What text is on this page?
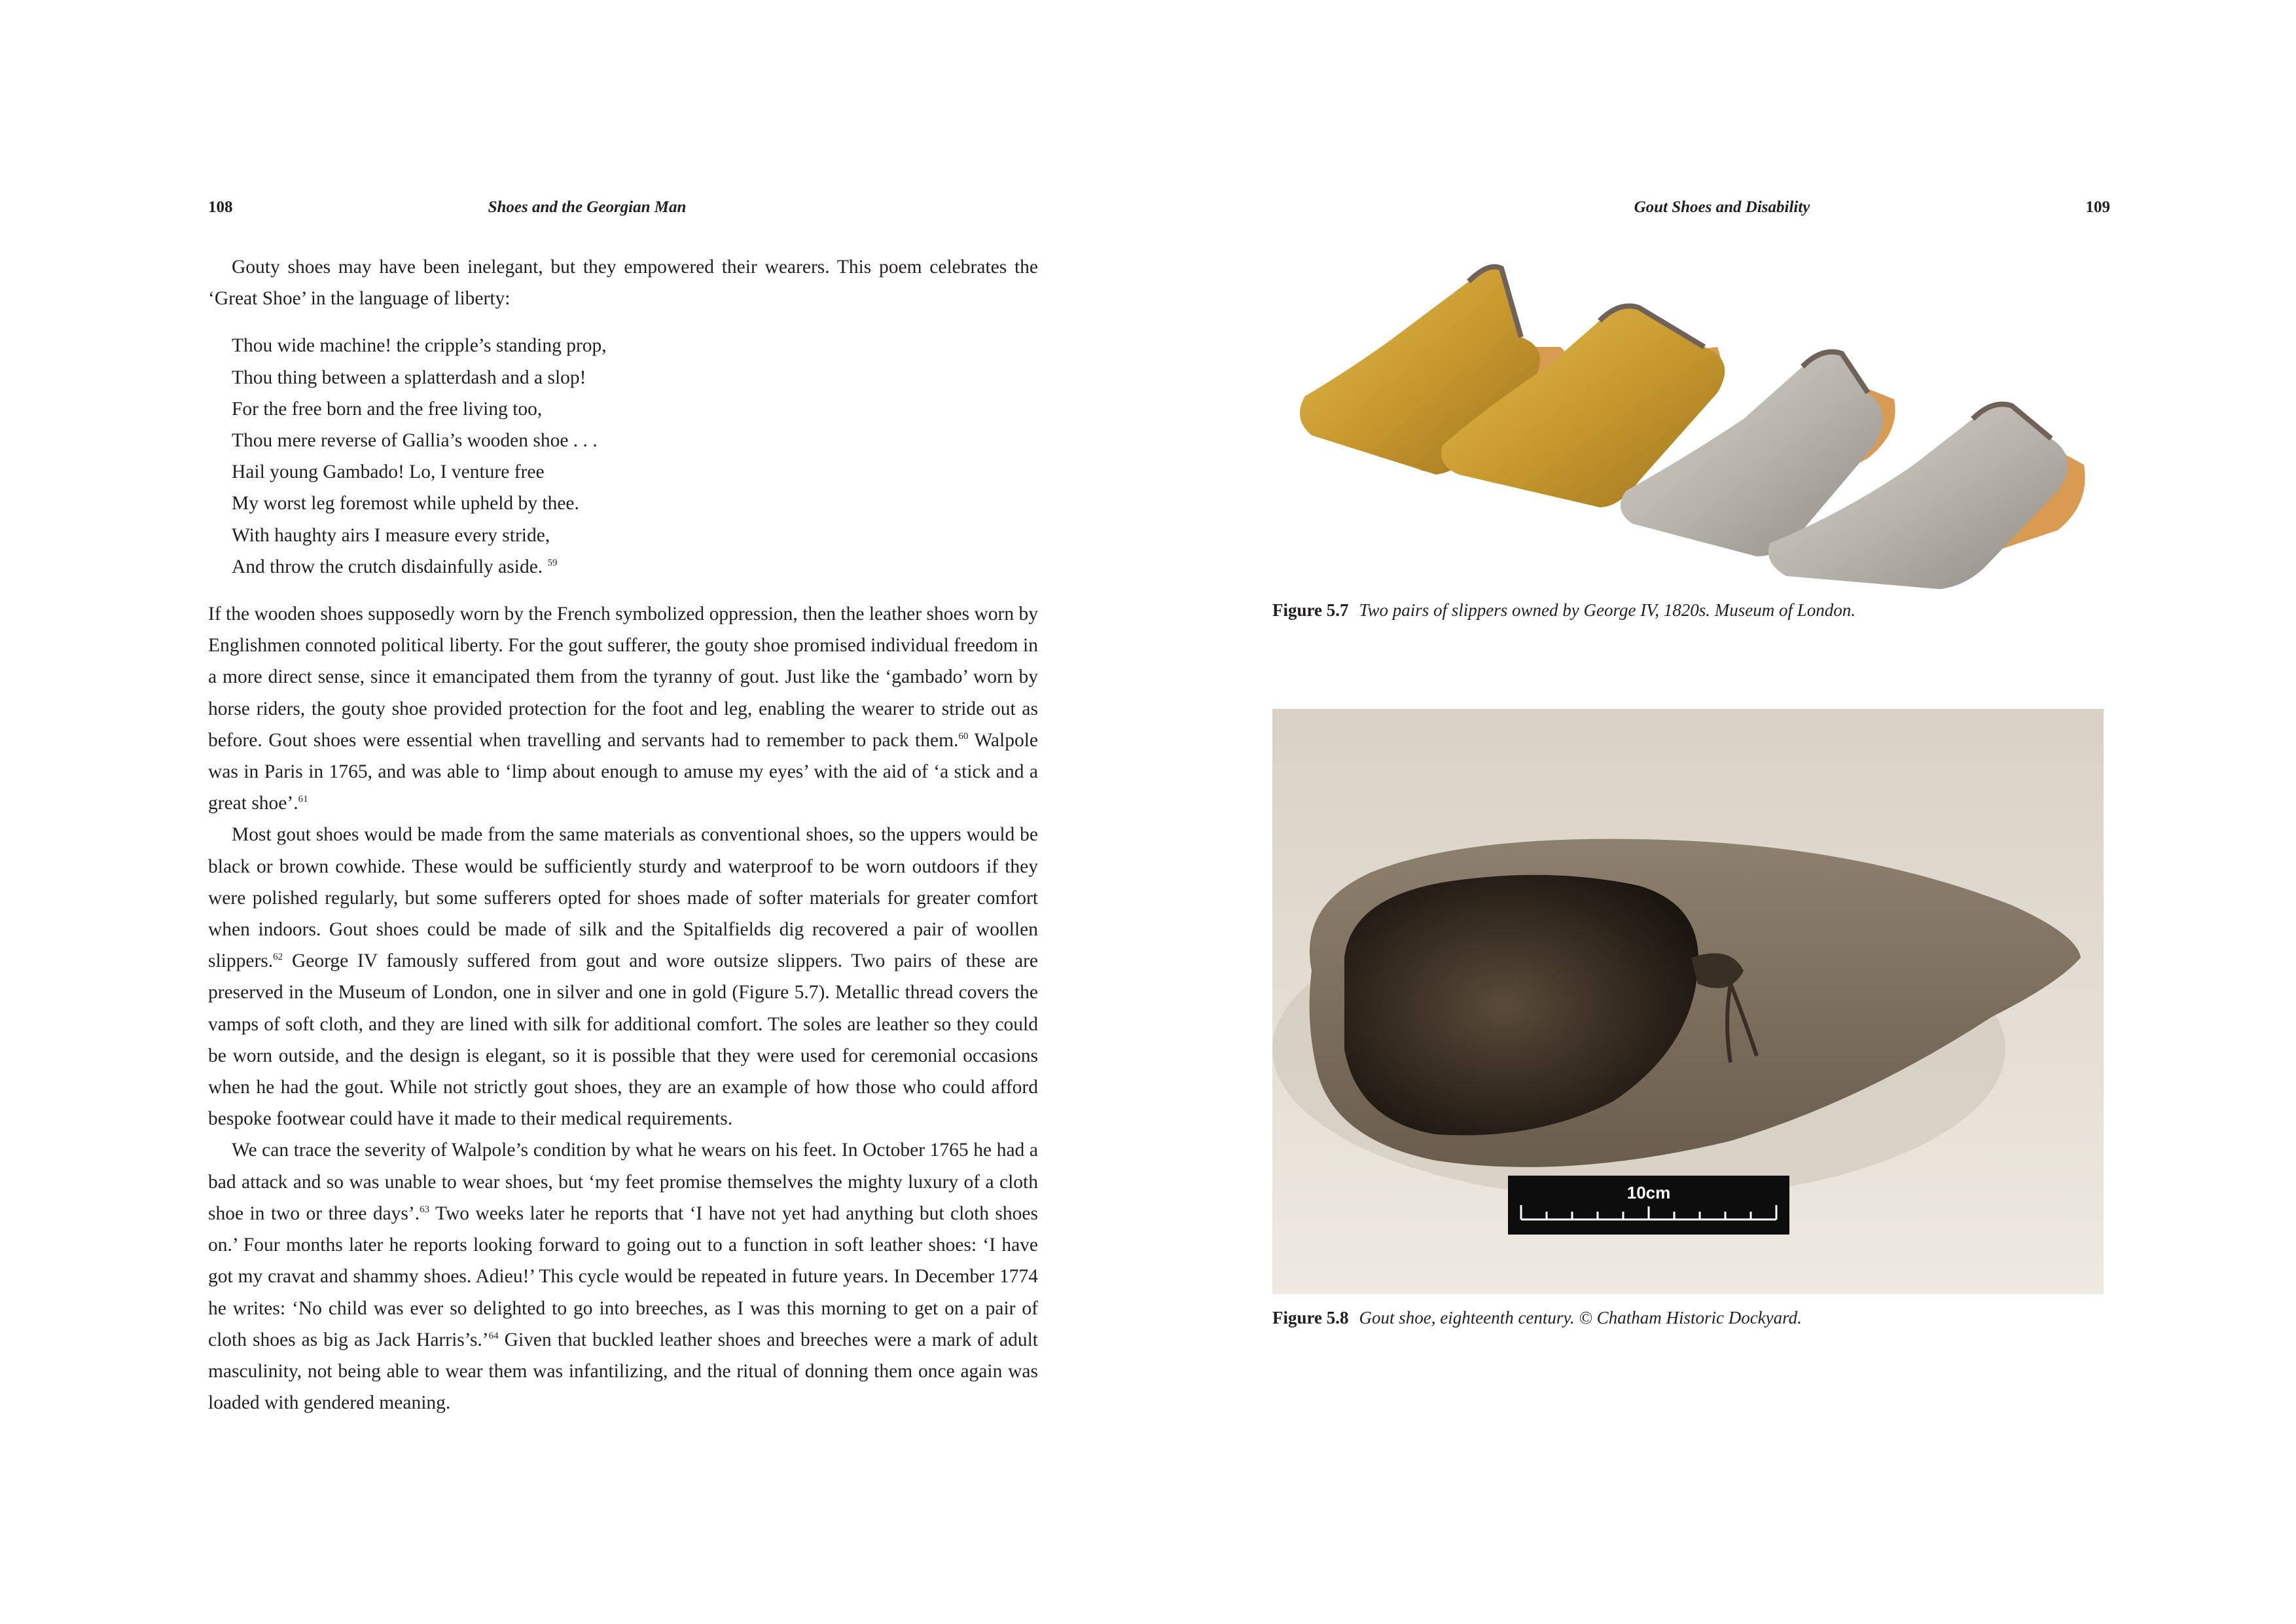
108	Shoes and the Georgian Man

Gouty shoes may have been inelegant, but they empowered their wearers. This poem celebrates the ‘Great Shoe’ in the language of liberty:

Thou wide machine! the cripple’s standing prop,
Thou thing between a splatterdash and a slop!
For the free born and the free living too,
Thou mere reverse of Gallia’s wooden shoe . . .
Hail young Gambado! Lo, I venture free
My worst leg foremost while upheld by thee.
With haughty airs I measure every stride,
And throw the crutch disdainfully aside. $^{59}$

If the wooden shoes supposedly worn by the French symbolized oppression, then the leather shoes worn by Englishmen connoted political liberty. For the gout sufferer, the gouty shoe promised individual freedom in a more direct sense, since it emancipated them from the tyranny of gout. Just like the ‘gambado’ worn by horse riders, the gouty shoe provided protection for the foot and leg, enabling the wearer to stride out as before. Gout shoes were essential when travelling and servants had to remember to pack them.$^{60}$ Walpole was in Paris in 1765, and was able to ‘limp about enough to amuse my eyes’ with the aid of ‘a stick and a great shoe’.$^{61}$

Most gout shoes would be made from the same materials as conventional shoes, so the uppers would be black or brown cowhide. These would be sufficiently sturdy and waterproof to be worn outdoors if they were polished regularly, but some sufferers opted for shoes made of softer materials for greater comfort when indoors. Gout shoes could be made of silk and the Spitalfields dig recovered a pair of woollen slippers.$^{62}$ George IV famously suffered from gout and wore outsize slippers. Two pairs of these are preserved in the Museum of London, one in silver and one in gold (Figure 5.7). Metallic thread covers the vamps of soft cloth, and they are lined with silk for additional comfort. The soles are leather so they could be worn outside, and the design is elegant, so it is possible that they were used for ceremonial occasions when he had the gout. While not strictly gout shoes, they are an example of how those who could afford bespoke footwear could have it made to their medical requirements.

We can trace the severity of Walpole’s condition by what he wears on his feet. In October 1765 he had a bad attack and so was unable to wear shoes, but ‘my feet promise themselves the mighty luxury of a cloth shoe in two or three days’.$^{63}$ Two weeks later he reports that ‘I have not yet had anything but cloth shoes on.’ Four months later he reports looking forward to going out to a function in soft leather shoes: ‘I have got my cravat and shammy shoes. Adieu!’ This cycle would be repeated in future years. In December 1774 he writes: ‘No child was ever so delighted to go into breeches, as I was this morning to get on a pair of cloth shoes as big as Jack Harris’s.’$^{64}$ Given that buckled leather shoes and breeches were a mark of adult masculinity, not being able to wear them was infantilizing, and the ritual of donning them once again was loaded with gendered meaning.

Gout Shoes and Disability	109
Figure 5.7 Two pairs of slippers owned by George IV, 1820s. Museum of London.
10cm
Figure 5.8 Gout shoe, eighteenth century. © Chatham Historic Dockyard.
